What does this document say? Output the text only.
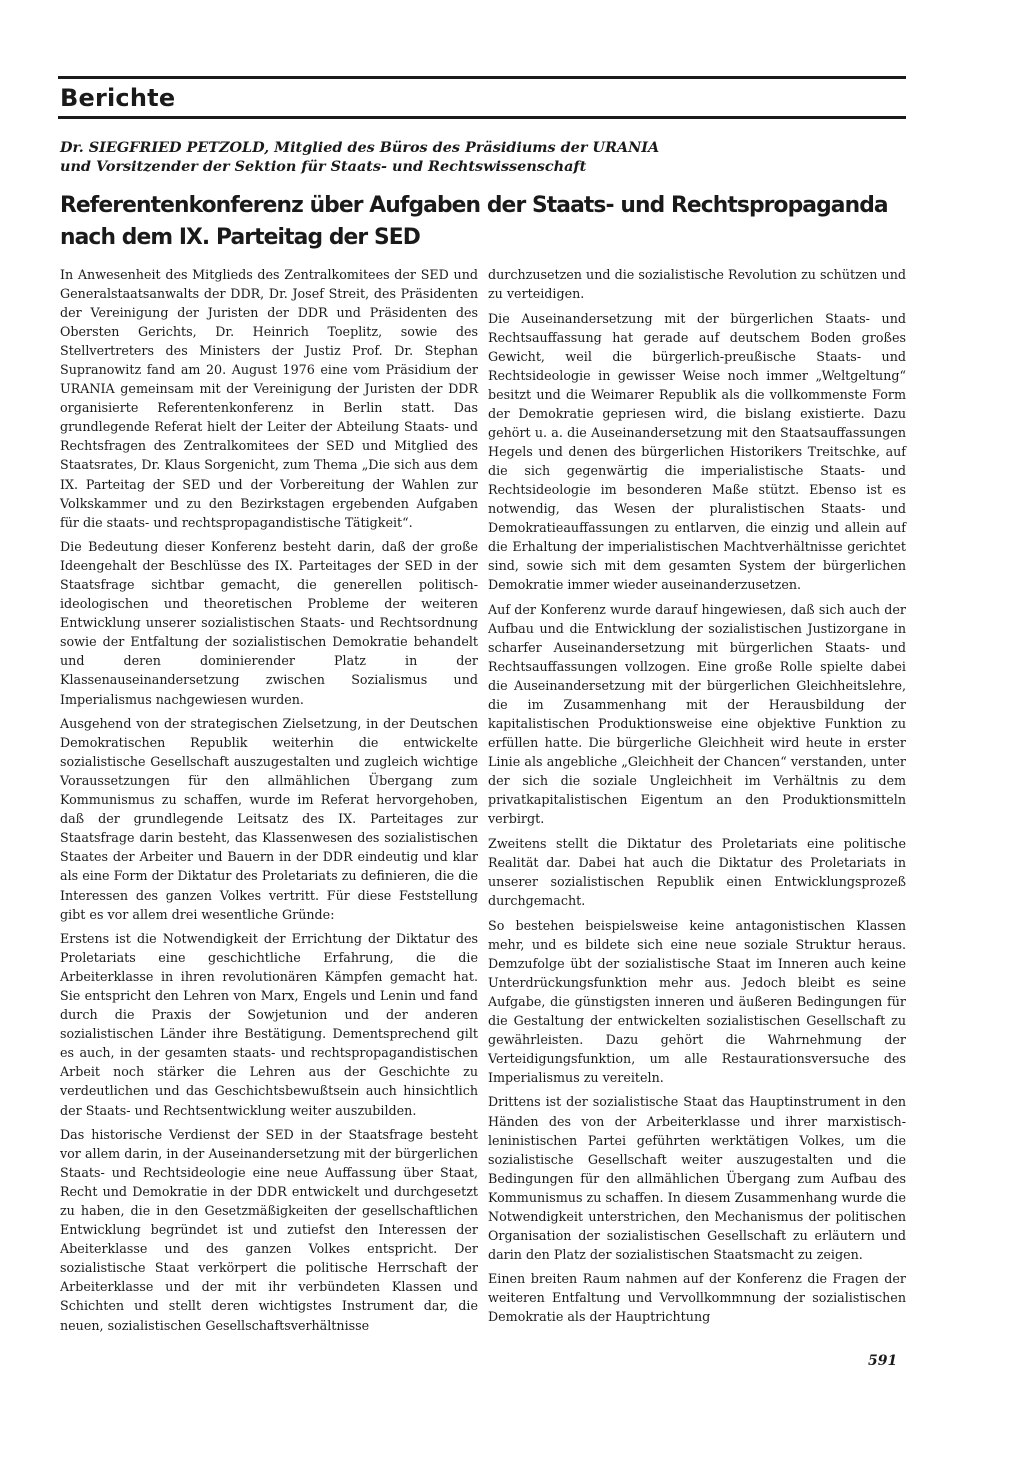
Berichte
Dr. SIEGFRIED PETZOLD, Mitglied des Büros des Präsidiums der URANIA
und Vorsitzender der Sektion für Staats- und Rechtswissenschaft
Referentenkonferenz über Aufgaben der Staats- und Rechtspropaganda
nach dem IX. Parteitag der SED

In Anwesenheit des Mitglieds des Zentralkomitees der SED und Generalstaatsanwalts der DDR, Dr. Josef Streit, des Präsidenten der Vereinigung der Juristen der DDR und Präsidenten des Obersten Gerichts, Dr. Heinrich Toeplitz, sowie des Stellvertreters des Ministers der Justiz Prof. Dr. Stephan Supranowitz fand am 20. August 1976 eine vom Präsidium der URANIA gemeinsam mit der Vereinigung der Juristen der DDR organisierte Referentenkonferenz in Berlin statt. Das grundlegende Referat hielt der Leiter der Abteilung Staats- und Rechtsfragen des Zentralkomitees der SED und Mitglied des Staatsrates, Dr. Klaus Sorgenicht, zum Thema „Die sich aus dem IX. Parteitag der SED und der Vorbereitung der Wahlen zur Volkskammer und zu den Bezirkstagen ergebenden Aufgaben für die staats- und rechtspropagandistische Tätigkeit“.

Die Bedeutung dieser Konferenz besteht darin, daß der große Ideengehalt der Beschlüsse des IX. Parteitages der SED in der Staatsfrage sichtbar gemacht, die generellen politisch-ideologischen und theoretischen Probleme der weiteren Entwicklung unserer sozialistischen Staats- und Rechtsordnung sowie der Entfaltung der sozialistischen Demokratie behandelt und deren dominierender Platz in der Klassenauseinandersetzung zwischen Sozialismus und Imperialismus nachgewiesen wurden.

Ausgehend von der strategischen Zielsetzung, in der Deutschen Demokratischen Republik weiterhin die entwickelte sozialistische Gesellschaft auszugestalten und zugleich wichtige Voraussetzungen für den allmählichen Übergang zum Kommunismus zu schaffen, wurde im Referat hervorgehoben, daß der grundlegende Leitsatz des IX. Parteitages zur Staatsfrage darin besteht, das Klassenwesen des sozialistischen Staates der Arbeiter und Bauern in der DDR eindeutig und klar als eine Form der Diktatur des Proletariats zu definieren, die die Interessen des ganzen Volkes vertritt. Für diese Feststellung gibt es vor allem drei wesentliche Gründe:

Erstens ist die Notwendigkeit der Errichtung der Diktatur des Proletariats eine geschichtliche Erfahrung, die die Arbeiterklasse in ihren revolutionären Kämpfen gemacht hat. Sie entspricht den Lehren von Marx, Engels und Lenin und fand durch die Praxis der Sowjetunion und der anderen sozialistischen Länder ihre Bestätigung. Dementsprechend gilt es auch, in der gesamten staats- und rechtspropagandistischen Arbeit noch stärker die Lehren aus der Geschichte zu verdeutlichen und das Geschichtsbewußtsein auch hinsichtlich der Staats- und Rechtsentwicklung weiter auszubilden.

Das historische Verdienst der SED in der Staatsfrage besteht vor allem darin, in der Auseinandersetzung mit der bürgerlichen Staats- und Rechtsideologie eine neue Auffassung über Staat, Recht und Demokratie in der DDR entwickelt und durchgesetzt zu haben, die in den Gesetzmäßigkeiten der gesellschaftlichen Entwicklung begründet ist und zutiefst den Interessen der Abeiterklasse und des ganzen Volkes entspricht. Der sozialistische Staat verkörpert die politische Herrschaft der Arbeiterklasse und der mit ihr verbündeten Klassen und Schichten und stellt deren wichtigstes Instrument dar, die neuen, sozialistischen Gesellschaftsverhältnisse

durchzusetzen und die sozialistische Revolution zu schützen und zu verteidigen.

Die Auseinandersetzung mit der bürgerlichen Staats- und Rechtsauffassung hat gerade auf deutschem Boden großes Gewicht, weil die bürgerlich-preußische Staats- und Rechtsideologie in gewisser Weise noch immer „Weltgeltung“ besitzt und die Weimarer Republik als die vollkommenste Form der Demokratie gepriesen wird, die bislang existierte. Dazu gehört u. a. die Auseinandersetzung mit den Staatsauffassungen Hegels und denen des bürgerlichen Historikers Treitschke, auf die sich gegenwärtig die imperialistische Staats- und Rechtsideologie im besonderen Maße stützt. Ebenso ist es notwendig, das Wesen der pluralistischen Staats- und Demokratieauffassungen zu entlarven, die einzig und allein auf die Erhaltung der imperialistischen Machtverhältnisse gerichtet sind, sowie sich mit dem gesamten System der bürgerlichen Demokratie immer wieder auseinanderzusetzen.

Auf der Konferenz wurde darauf hingewiesen, daß sich auch der Aufbau und die Entwicklung der sozialistischen Justizorgane in scharfer Auseinandersetzung mit bürgerlichen Staats- und Rechtsauffassungen vollzogen. Eine große Rolle spielte dabei die Auseinandersetzung mit der bürgerlichen Gleichheitslehre, die im Zusammenhang mit der Herausbildung der kapitalistischen Produktionsweise eine objektive Funktion zu erfüllen hatte. Die bürgerliche Gleichheit wird heute in erster Linie als angebliche „Gleichheit der Chancen“ verstanden, unter der sich die soziale Ungleichheit im Verhältnis zu dem privatkapitalistischen Eigentum an den Produktionsmitteln verbirgt.

Zweitens stellt die Diktatur des Proletariats eine politische Realität dar. Dabei hat auch die Diktatur des Proletariats in unserer sozialistischen Republik einen Entwicklungsprozeß durchgemacht.

So bestehen beispielsweise keine antagonistischen Klassen mehr, und es bildete sich eine neue soziale Struktur heraus. Demzufolge übt der sozialistische Staat im Inneren auch keine Unterdrückungsfunktion mehr aus. Jedoch bleibt es seine Aufgabe, die günstigsten inneren und äußeren Bedingungen für die Gestaltung der entwickelten sozialistischen Gesellschaft zu gewährleisten. Dazu gehört die Wahrnehmung der Verteidigungsfunktion, um alle Restaurationsversuche des Imperialismus zu vereiteln.

Drittens ist der sozialistische Staat das Hauptinstrument in den Händen des von der Arbeiterklasse und ihrer marxistisch-leninistischen Partei geführten werktätigen Volkes, um die sozialistische Gesellschaft weiter auszugestalten und die Bedingungen für den allmählichen Übergang zum Aufbau des Kommunismus zu schaffen. In diesem Zusammenhang wurde die Notwendigkeit unterstrichen, den Mechanismus der politischen Organisation der sozialistischen Gesellschaft zu erläutern und darin den Platz der sozialistischen Staatsmacht zu zeigen.

Einen breiten Raum nahmen auf der Konferenz die Fragen der weiteren Entfaltung und Vervollkommnung der sozialistischen Demokratie als der Hauptrichtung

591
